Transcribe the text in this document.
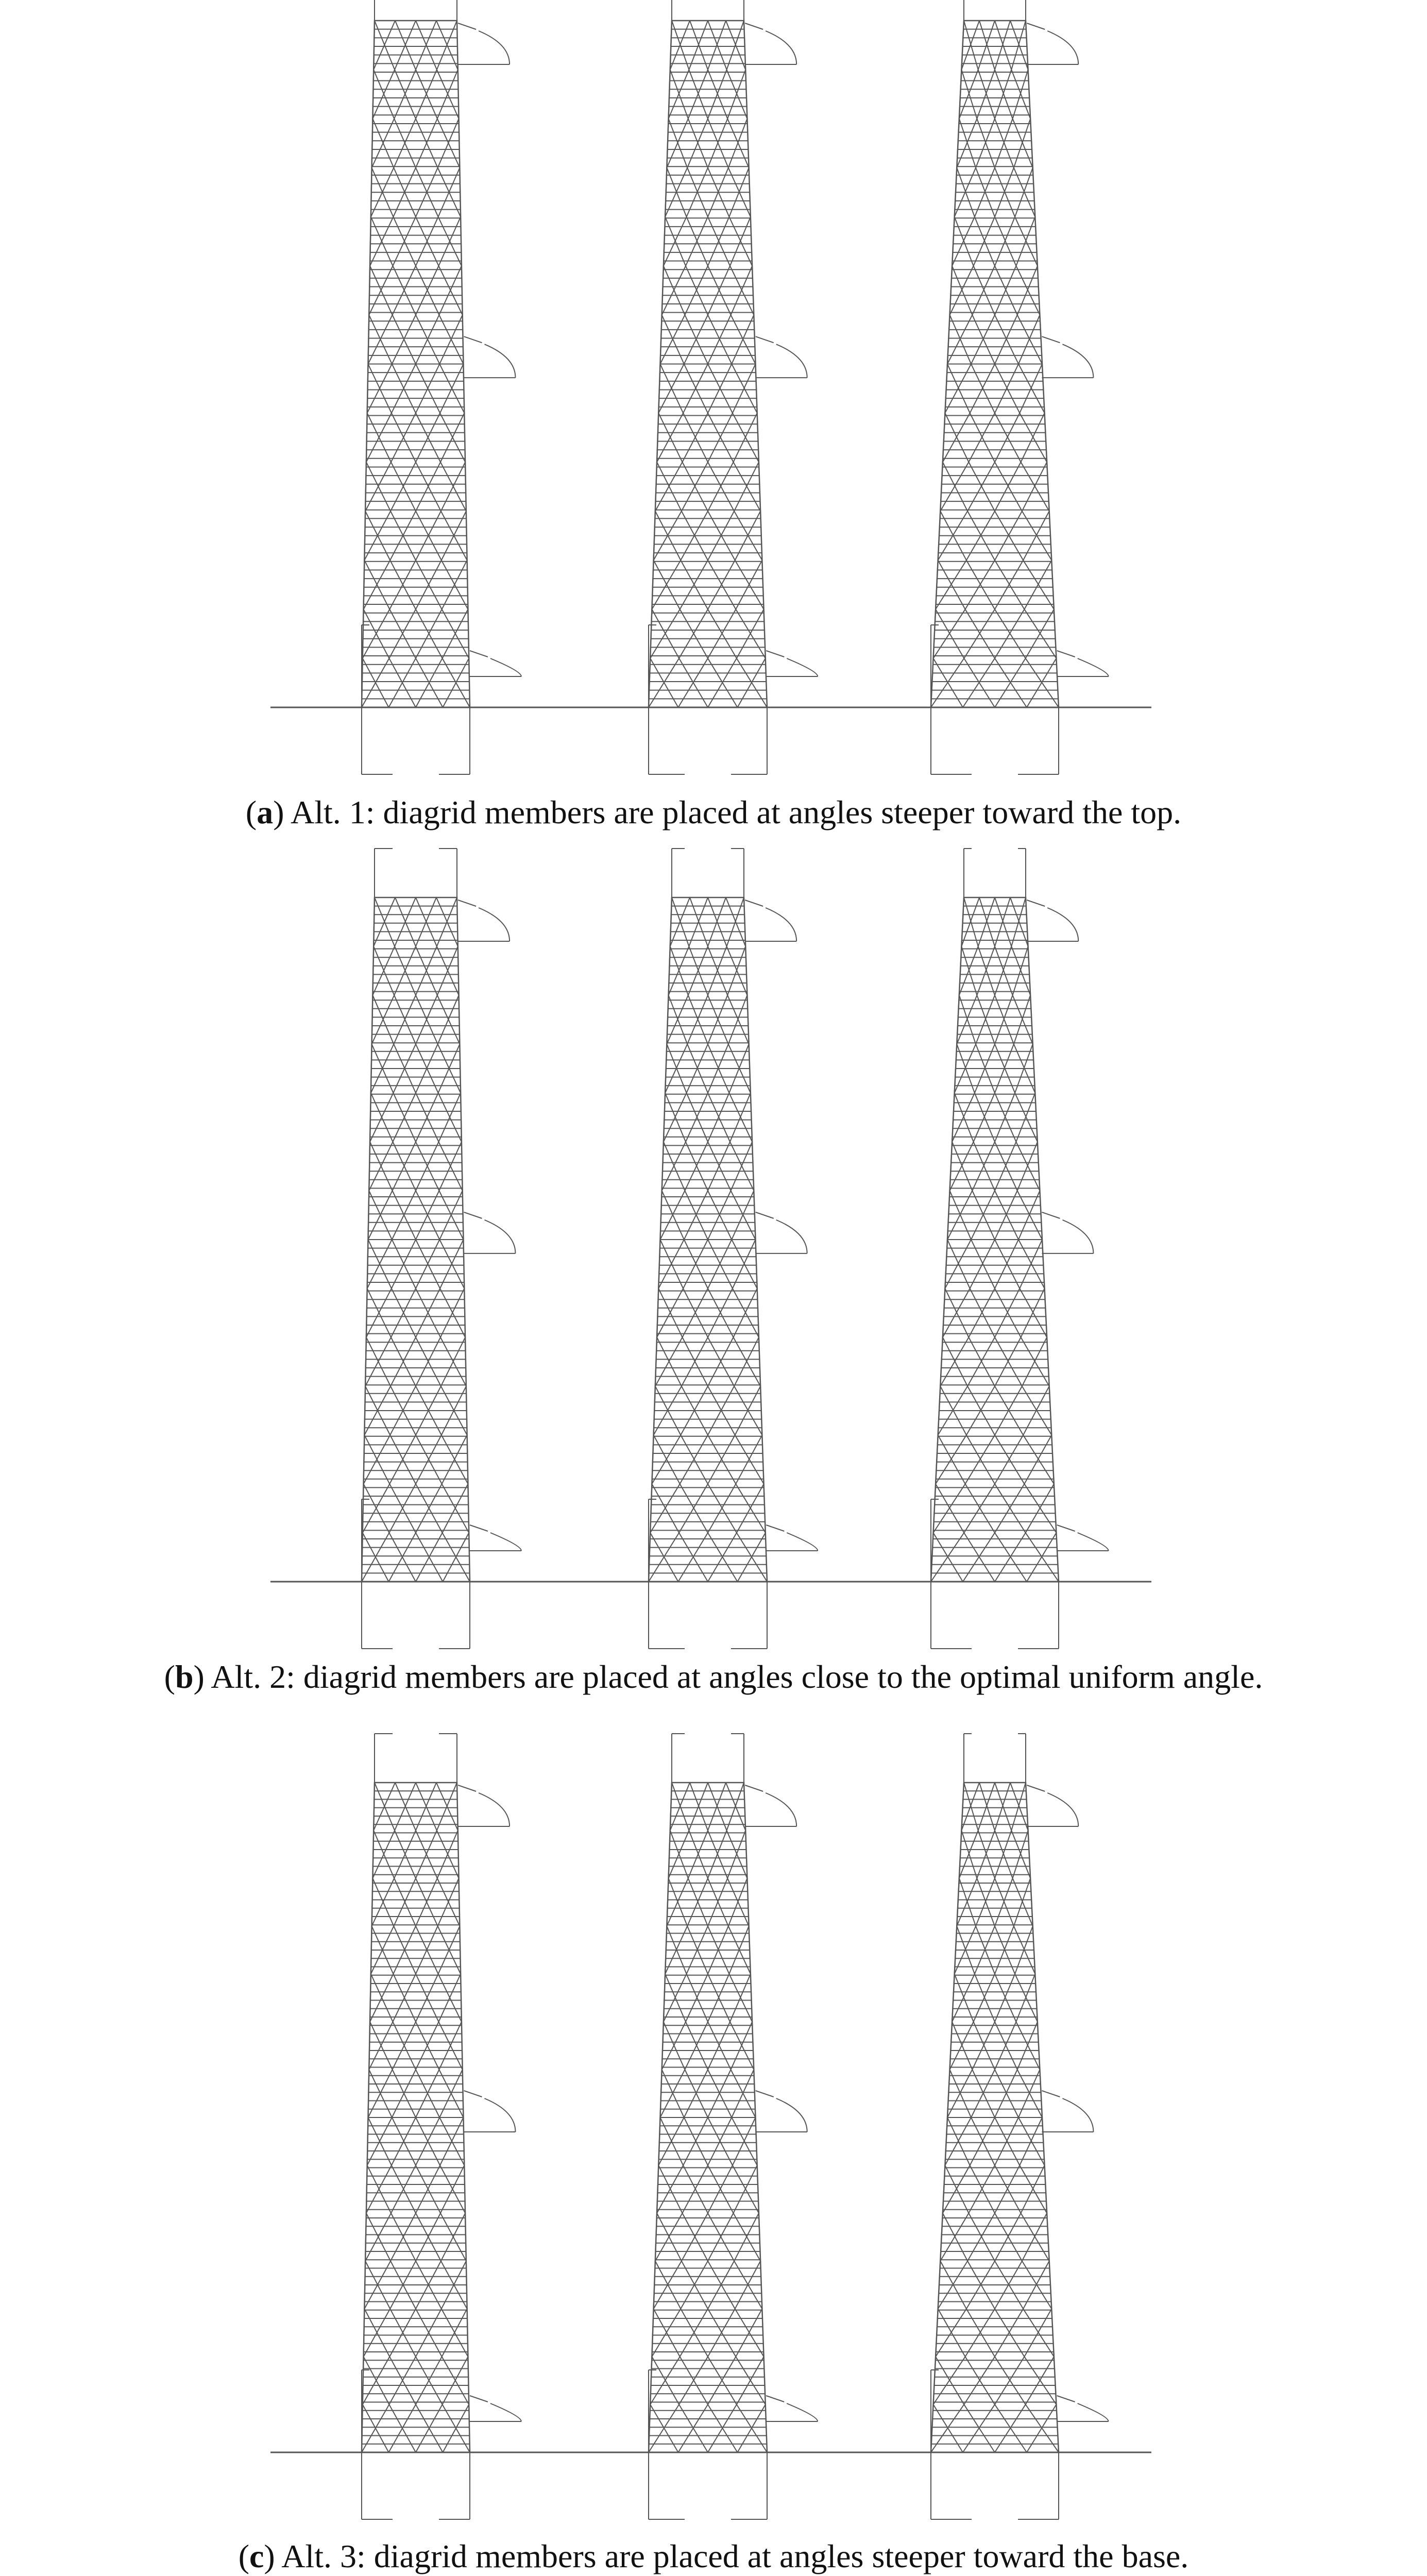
(a) Alt. 1: diagrid members are placed at angles steeper toward the top.
(b) Alt. 2: diagrid members are placed at angles close to the optimal uniform angle.
(c) Alt. 3: diagrid members are placed at angles steeper toward the base.
